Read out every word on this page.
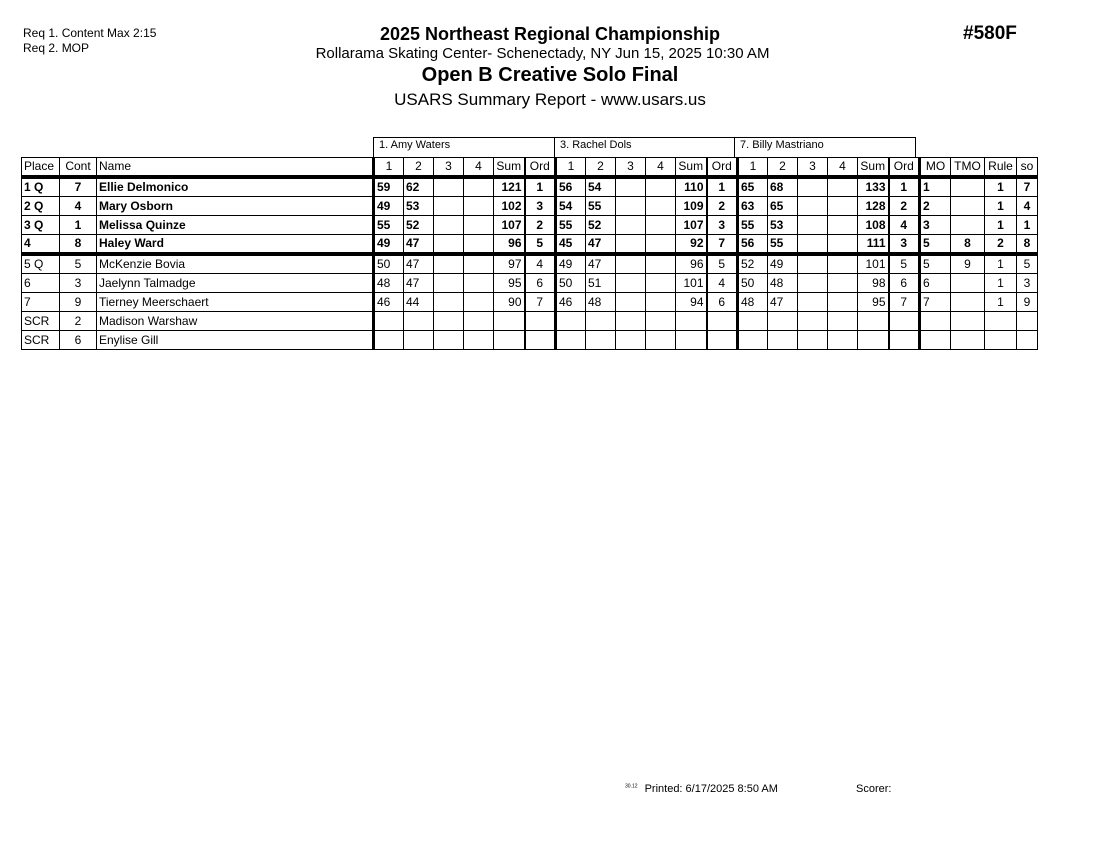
Req 1. Content Max 2:15
Req 2. MOP
2025 Northeast Regional Championship
Rollarama Skating Center- Schenectady, NY Jun 15, 2025 10:30 AM
Open B Creative Solo Final
USARS Summary Report - www.usars.us
#580F
1. Amy Waters	3. Rachel Dols	7. Billy Mastriano
Place	Cont	Name	1	2	3	4	Sum	Ord	1	2	3	4	Sum	Ord	1	2	3	4	Sum	Ord	MO	TMO	Rule	so
1 Q	7	Ellie Delmonico	59	62			121	1	56	54			110	1	65	68			133	1	1		1	7
2 Q	4	Mary Osborn	49	53			102	3	54	55			109	2	63	65			128	2	2		1	4
3 Q	1	Melissa Quinze	55	52			107	2	55	52			107	3	55	53			108	4	3		1	1
4	8	Haley Ward	49	47			96	5	45	47			92	7	56	55			111	3	5	8	2	8
5 Q	5	McKenzie Bovia	50	47			97	4	49	47			96	5	52	49			101	5	5	9	1	5
6	3	Jaelynn Talmadge	48	47			95	6	50	51			101	4	50	48			98	6	6		1	3
7	9	Tierney Meerschaert	46	44			90	7	46	48			94	6	48	47			95	7	7		1	9
SCR	2	Madison Warshaw																						
SCR	6	Enylise Gill																						
$^{30.12}$ Printed: 6/17/2025 8:50 AM	Scorer:
